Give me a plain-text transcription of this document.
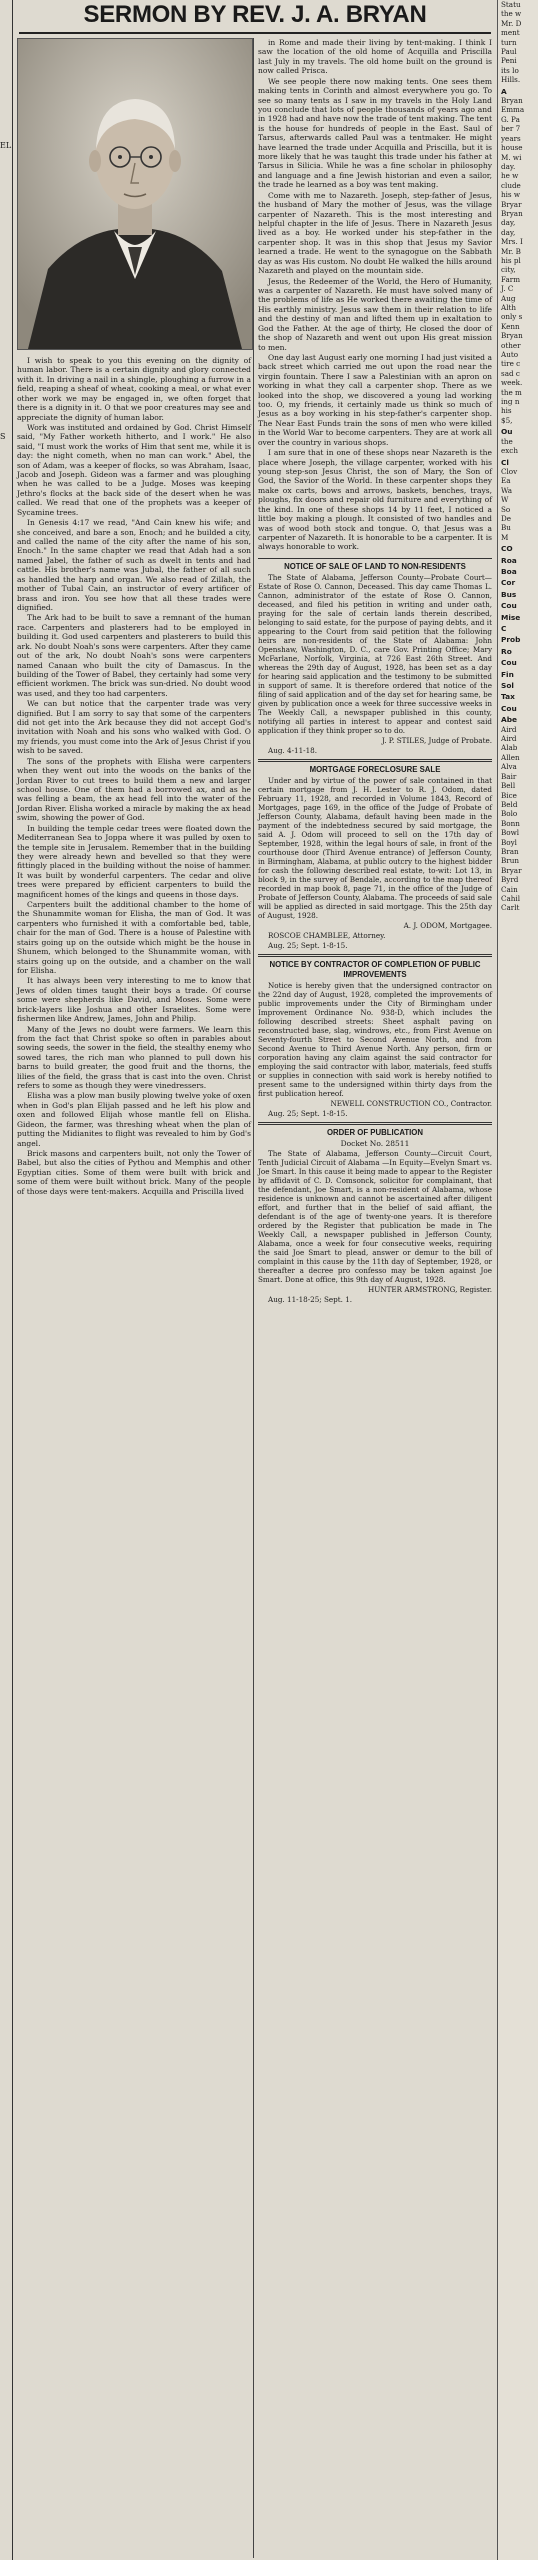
EL.
S
SERMON BY REV. J. A. BRYAN

I wish to speak to you this evening on the dignity of human labor. There is a certain dignity and glory connected with it. In driving a nail in a shingle, ploughing a furrow in a field, reaping a sheaf of wheat, cooking a meal, or what ever other work we may be engaged in, we often forget that there is a dignity in it. O that we poor creatures may see and appreciate the dignity of human labor.

Work was instituted and ordained by God. Christ Himself said, "My Father worketh hitherto, and I work." He also said, "I must work the works of Him that sent me, while it is day: the night cometh, when no man can work." Abel, the son of Adam, was a keeper of flocks, so was Abraham, Isaac, Jacob and Joseph. Gideon was a farmer and was ploughing when he was called to be a Judge. Moses was keeping Jethro's flocks at the back side of the desert when he was called. We read that one of the prophets was a keeper of Sycamine trees.

In Genesis 4:17 we read, "And Cain knew his wife; and she conceived, and bare a son, Enoch; and he builded a city, and called the name of the city after the name of his son, Enoch." In the same chapter we read that Adah had a son named Jabel, the father of such as dwelt in tents and had cattle. His brother's name was Jubal, the father of all such as handled the harp and organ. We also read of Zillah, the mother of Tubal Cain, an instructor of every artificer of brass and iron. You see how that all these trades were dignified.

The Ark had to be built to save a remnant of the human race. Carpenters and plasterers had to be employed in building it. God used carpenters and plasterers to build this ark. No doubt Noah's sons were carpenters. After they came out of the ark, No doubt Noah's sons were carpenters named Canaan who built the city of Damascus. In the building of the Tower of Babel, they certainly had some very efficient workmen. The brick was sun-dried. No doubt wood was used, and they too had carpenters.

We can but notice that the carpenter trade was very dignified. But I am sorry to say that some of the carpenters did not get into the Ark because they did not accept God's invitation with Noah and his sons who walked with God. O my friends, you must come into the Ark of Jesus Christ if you wish to be saved.

The sons of the prophets with Elisha were carpenters when they went out into the woods on the banks of the Jordan River to cut trees to build them a new and larger school house. One of them had a borrowed ax, and as he was felling a beam, the ax head fell into the water of the Jordan River. Elisha worked a miracle by making the ax head swim, showing the power of God.

In building the temple cedar trees were floated down the Mediterranean Sea to Joppa where it was pulled by oxen to the temple site in Jerusalem. Remember that in the building they were already hewn and bevelled so that they were fittingly placed in the building without the noise of hammer. It was built by wonderful carpenters. The cedar and olive trees were prepared by efficient carpenters to build the magnificent homes of the kings and queens in those days.

Carpenters built the additional chamber to the home of the Shunammite woman for Elisha, the man of God. It was carpenters who furnished it with a comfortable bed, table, chair for the man of God. There is a house of Palestine with stairs going up on the outside which might be the house in Shunem, which belonged to the Shunammite woman, with stairs going up on the outside, and a chamber on the wall for Elisha.

It has always been very interesting to me to know that Jews of olden times taught their boys a trade. Of course some were shepherds like David, and Moses. Some were brick-layers like Joshua and other Israelites. Some were fishermen like Andrew, James, John and Philip.

Many of the Jews no doubt were farmers. We learn this from the fact that Christ spoke so often in parables about sowing seeds, the sower in the field, the stealthy enemy who sowed tares, the rich man who planned to pull down his barns to build greater, the good fruit and the thorns, the lilies of the field, the grass that is cast into the oven. Christ refers to some as though they were vinedressers.

Elisha was a plow man busily plowing twelve yoke of oxen when in God's plan Elijah passed and he left his plow and oxen and followed Elijah whose mantle fell on Elisha. Gideon, the farmer, was threshing wheat when the plan of putting the Midianites to flight was revealed to him by God's angel.

Brick masons and carpenters built, not only the Tower of Babel, but also the cities of Pythou and Memphis and other Egyptian cities. Some of them were built with brick and some of them were built without brick. Many of the people of those days were tent-makers. Acquilla and Priscilla lived

in Rome and made their living by tent-making. I think I saw the location of the old home of Acquilla and Priscilla last July in my travels. The old home built on the ground is now called Prisca.

We see people there now making tents. One sees them making tents in Corinth and almost everywhere you go. To see so many tents as I saw in my travels in the Holy Land you conclude that lots of people thousands of years ago and in 1928 had and have now the trade of tent making. The tent is the house for hundreds of people in the East. Saul of Tarsus, afterwards called Paul was a tentmaker. He might have learned the trade under Acquilla and Priscilla, but it is more likely that he was taught this trade under his father at Tarsus in Silicia. While he was a fine scholar in philosophy and language and a fine Jewish historian and even a sailor, the trade he learned as a boy was tent making.

Come with me to Nazareth. Joseph, step-father of Jesus, the husband of Mary the mother of Jesus, was the village carpenter of Nazareth. This is the most interesting and helpful chapter in the life of Jesus. There in Nazareth Jesus lived as a boy. He worked under his step-father in the carpenter shop. It was in this shop that Jesus my Savior learned a trade. He went to the synagogue on the Sabbath day as was His custom. No doubt He walked the hills around Nazareth and played on the mountain side.

Jesus, the Redeemer of the World, the Hero of Humanity, was a carpenter of Nazareth. He must have solved many of the problems of life as He worked there awaiting the time of His earthly ministry. Jesus saw them in their relation to life and the destiny of man and lifted them up in exaltation to God the Father. At the age of thirty, He closed the door of the shop of Nazareth and went out upon His great mission to men.

One day last August early one morning I had just visited a back street which carried me out upon the road near the virgin fountain. There I saw a Palestinian with an apron on working in what they call a carpenter shop. There as we looked into the shop, we discovered a young lad working too. O, my friends, it certainly made us think so much of Jesus as a boy working in his step-father's carpenter shop. The Near East Funds train the sons of men who were killed in the World War to become carpenters. They are at work all over the country in various shops.

I am sure that in one of these shops near Nazareth is the place where Joseph, the village carpenter, worked with his young step-son Jesus Christ, the son of Mary, the Son of God, the Savior of the World. In these carpenter shops they make ox carts, bows and arrows, baskets, benches, trays, ploughs, fix doors and repair old furniture and everything of the kind. In one of these shops 14 by 11 feet, I noticed a little boy making a plough. It consisted of two handles and was of wood both stock and tongue. O, that Jesus was a carpenter of Nazareth. It is honorable to be a carpenter. It is always honorable to work.

NOTICE OF SALE OF LAND TO NON-RESIDENTS

The State of Alabama, Jefferson County—Probate Court—Estate of Rose O. Cannon, Deceased. This day came Thomas L. Cannon, administrator of the estate of Rose O. Cannon, deceased, and filed his petition in writing and under oath, praying for the sale of certain lands therein described, belonging to said estate, for the purpose of paying debts, and it appearing to the Court from said petition that the following heirs are non-residents of the State of Alabama: John Openshaw, Washington, D. C., care Gov. Printing Office; Mary McFarlane, Norfolk, Virginia, at 726 East 26th Street. And whereas the 29th day of August, 1928, has been set as a day for hearing said application and the testimony to be submitted in support of same. It is therefore ordered that notice of the filing of said application and of the day set for hearing same, be given by publication once a week for three successive weeks in The Weekly Call, a newspaper published in this county, notifying all parties in interest to appear and contest said application if they think proper so to do.

J. P. STILES, Judge of Probate.

Aug. 4-11-18.

MORTGAGE FORECLOSURE SALE

Under and by virtue of the power of sale contained in that certain mortgage from J. H. Lester to R. J. Odom, dated February 11, 1928, and recorded in Volume 1843, Record of Mortgages, page 169, in the office of the Judge of Probate of Jefferson County, Alabama, default having been made in the payment of the indebtedness secured by said mortgage, the said A. J. Odom will proceed to sell on the 17th day of September, 1928, within the legal hours of sale, in front of the courthouse door (Third Avenue entrance) of Jefferson County, in Birmingham, Alabama, at public outcry to the highest bidder for cash the following described real estate, to-wit: Lot 13, in block 9, in the survey of Bendale, according to the map thereof recorded in map book 8, page 71, in the office of the Judge of Probate of Jefferson County, Alabama. The proceeds of said sale will be applied as directed in said mortgage. This the 25th day of August, 1928.

A. J. ODOM, Mortgagee.

ROSCOE CHAMBLEE, Attorney.

Aug. 25; Sept. 1-8-15.

NOTICE BY CONTRACTOR OF COMPLETION OF PUBLIC IMPROVEMENTS

Notice is hereby given that the undersigned contractor on the 22nd day of August, 1928, completed the improvements of public improvements under the City of Birmingham under Improvement Ordinance No. 938-D, which includes the following described streets: Sheet asphalt paving on reconstructed base, slag, windrows, etc., from First Avenue on Seventy-fourth Street to Second Avenue North, and from Second Avenue to Third Avenue North. Any person, firm or corporation having any claim against the said contractor for employing the said contractor with labor, materials, feed stuffs or supplies in connection with said work is hereby notified to present same to the undersigned within thirty days from the first publication hereof.

NEWELL CONSTRUCTION CO., Contractor.

Aug. 25; Sept. 1-8-15.

ORDER OF PUBLICATION

Docket No. 28511

The State of Alabama, Jefferson County—Circuit Court, Tenth Judicial Circuit of Alabama —In Equity—Evelyn Smart vs. Joe Smart. In this cause it being made to appear to the Register by affidavit of C. D. Comsonck, solicitor for complainant, that the defendant, Joe Smart, is a non-resident of Alabama, whose residence is unknown and cannot be ascertained after diligent effort, and further that in the belief of said affiant, the defendant is of the age of twenty-one years. It is therefore ordered by the Register that publication be made in The Weekly Call, a newspaper published in Jefferson County, Alabama, once a week for four consecutive weeks, requiring the said Joe Smart to plead, answer or demur to the bill of complaint in this cause by the 11th day of September, 1928, or thereafter a decree pro confesso may be taken against Joe Smart. Done at office, this 9th day of August, 1928.

HUNTER ARMSTRONG, Register.

Aug. 11-18-25; Sept. 1.

Statu

the w

Mr. D

ment

turn

Paul

Peni

its lo

Hills.

A

Bryan

Emma

G. Pa

ber 7

years

house

M. wi

day.

he w

clude

his w

Bryar

Bryan

day,

day,

Mrs. I

Mr. B

his pl

city,

Farm

J. C

Aug

Alth

only s

Kenn

Bryan

other

Auto

tire c

sad c

week.

the m

ing n

his

$5,

Ou

the

exch

Cl

Clov

Ea

Wa

W

So

De

Bu

M

CO

Roa

Boa

Cor

Bus

Cou

Mise

C

Prob

Ro

Cou

Fin

Sol

Tax

Cou

Abe

Aird

Aird

Alab

Allen

Alva

Bair

Bell

Bice

Beld

Bolo

Bonn

Bowl

Boyl

Bran

Brun

Bryar

Byrd

Cain

Cahil

Carlt
